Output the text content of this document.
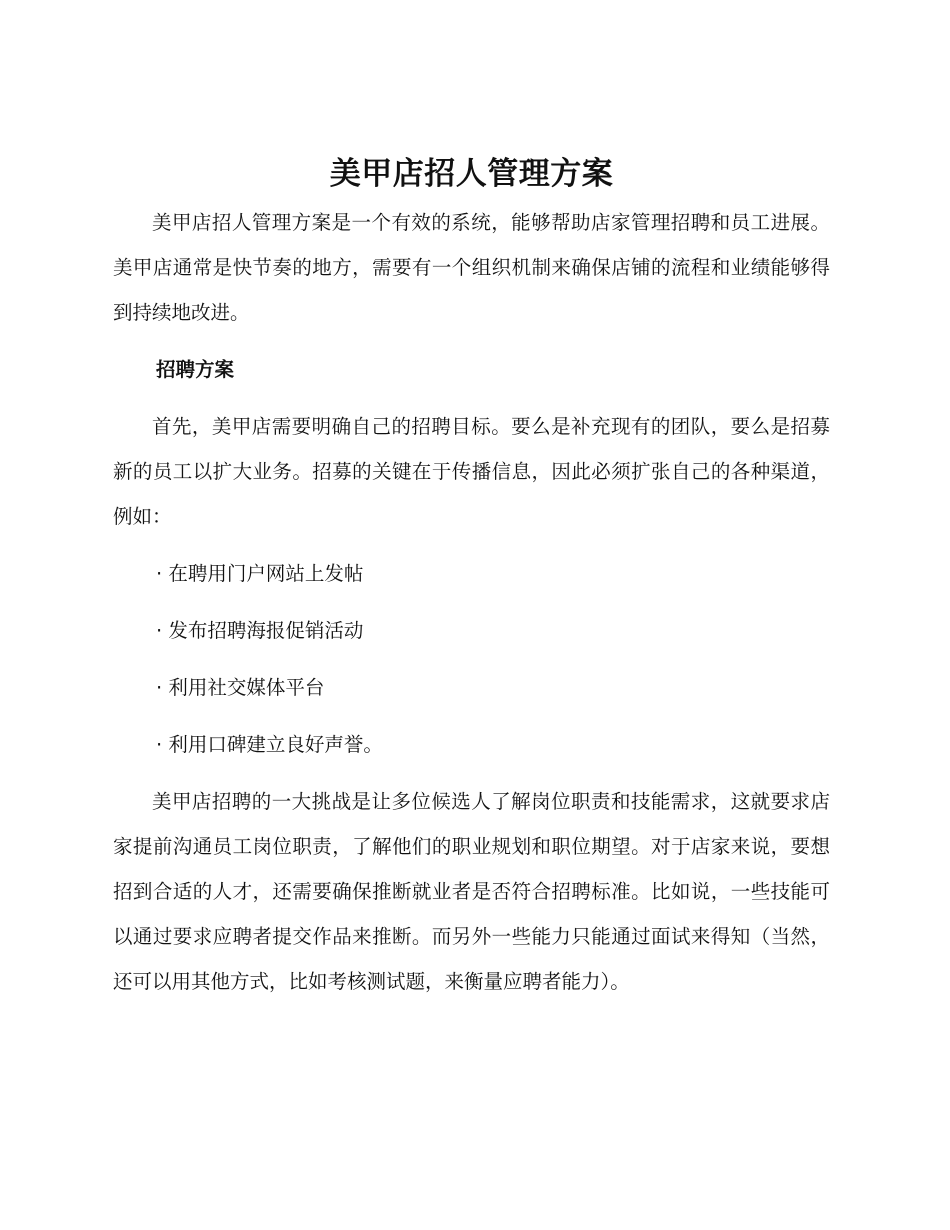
美甲店招人管理方案

美甲店招人管理方案是一个有效的系统，能够帮助店家管理招聘和员工进展。美甲店通常是快节奏的地方，需要有一个组织机制来确保店铺的流程和业绩能够得到持续地改进。

招聘方案

首先，美甲店需要明确自己的招聘目标。要么是补充现有的团队，要么是招募新的员工以扩大业务。招募的关键在于传播信息，因此必须扩张自己的各种渠道，例如：

· 在聘用门户网站上发帖
· 发布招聘海报促销活动
· 利用社交媒体平台
· 利用口碑建立良好声誉。

美甲店招聘的一大挑战是让多位候选人了解岗位职责和技能需求，这就要求店家提前沟通员工岗位职责，了解他们的职业规划和职位期望。对于店家来说，要想招到合适的人才，还需要确保推断就业者是否符合招聘标准。比如说，一些技能可以通过要求应聘者提交作品来推断。而另外一些能力只能通过面试来得知（当然，还可以用其他方式，比如考核测试题，来衡量应聘者能力）。
